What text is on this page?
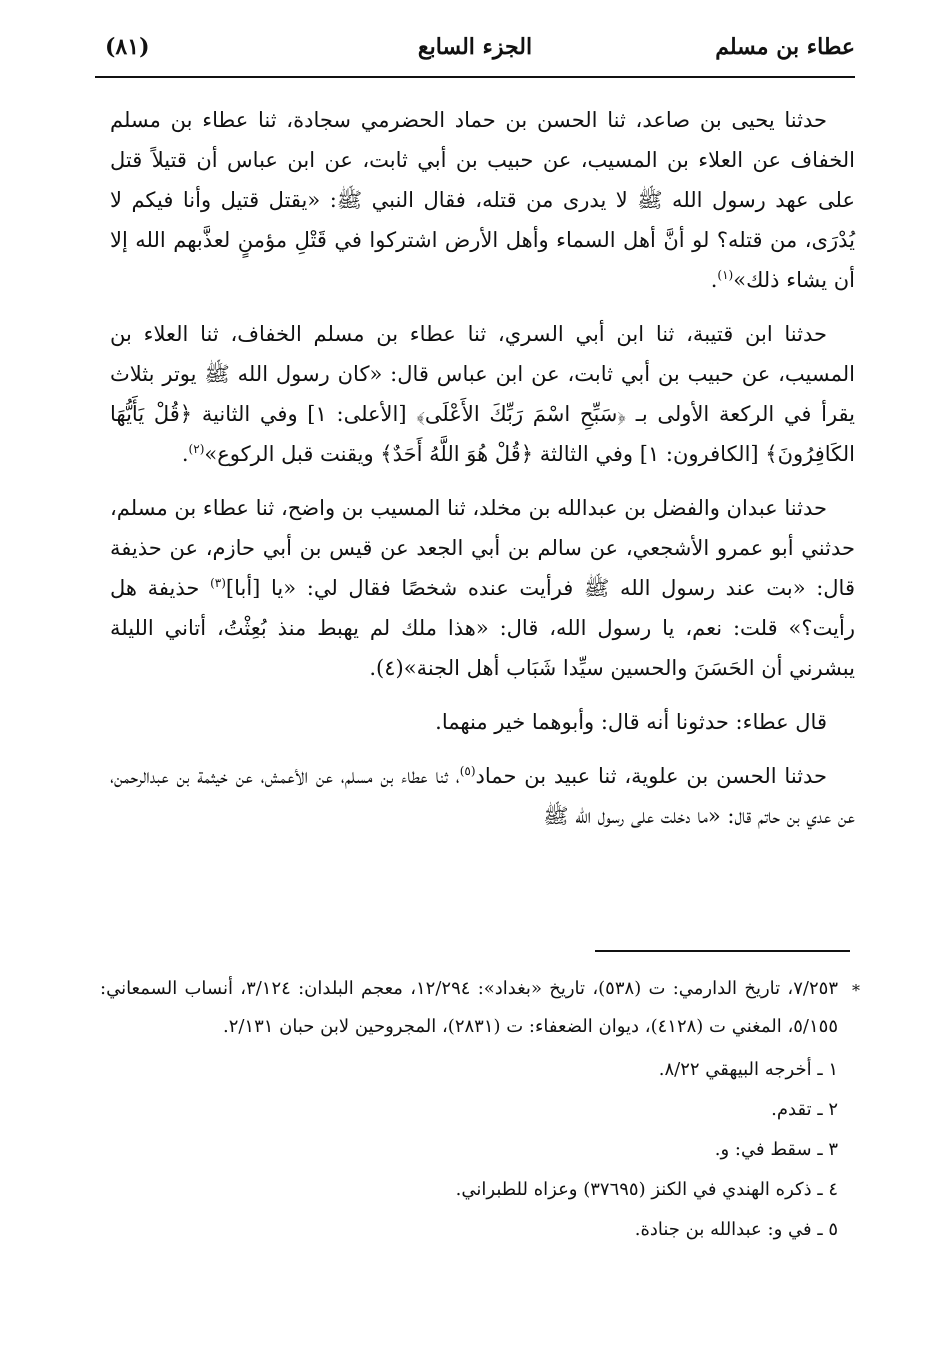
عطاء بن مسلم
الجزء السابع
(٨١)

حدثنا يحيى بن صاعد، ثنا الحسن بن حماد الحضرمي سجادة، ثنا عطاء بن مسلم الخفاف عن العلاء بن المسيب، عن حبيب بن أبي ثابت، عن ابن عباس أن قتيلاً قتل على عهد رسول الله ﷺ لا يدرى من قتله، فقال النبي ﷺ: «يقتل قتيل وأنا فيكم لا يُدْرَى، من قتله؟ لو أنَّ أهل السماء وأهل الأرض اشتركوا في قَتْلِ مؤمنٍ لعذَّبهم الله إلا أن يشاء ذلك»$^{(١)}$.

حدثنا ابن قتيبة، ثنا ابن أبي السري، ثنا عطاء بن مسلم الخفاف، ثنا العلاء بن المسيب، عن حبيب بن أبي ثابت، عن ابن عباس قال: «كان رسول الله ﷺ يوتر بثلاث يقرأ في الركعة الأولى بـ ﴿سَبِّحِ اسْمَ رَبِّكَ الأَعْلَى﴾ [الأعلى: ١] وفي الثانية ﴿قُلْ يَأَيُّهَا الكَافِرُونَ﴾ [الكافرون: ١] وفي الثالثة ﴿قُلْ هُوَ اللَّهُ أَحَدٌ﴾ ويقنت قبل الركوع»$^{(٢)}$.

حدثنا عبدان والفضل بن عبدالله بن مخلد، ثنا المسيب بن واضح، ثنا عطاء بن مسلم، حدثني أبو عمرو الأشجعي، عن سالم بن أبي الجعد عن قيس بن أبي حازم، عن حذيفة قال: «بت عند رسول الله ﷺ فرأيت عنده شخصًا فقال لي: «يا [أبا]$^{(٣)}$ حذيفة هل رأيت؟» قلت: نعم، يا رسول الله، قال: «هذا ملك لم يهبط منذ بُعِثْتُ، أتاني الليلة يبشرني أن الحَسَنَ والحسين سيِّدا شَبَاب أهل الجنة»(٤).

قال عطاء: حدثونا أنه قال: وأبوهما خير منهما.

حدثنا الحسن بن علوية، ثنا عبيد بن حماد$^{(٥)}$، ثنا عطاء بن مسلم، عن الأعمش، عن خيثمة بن عبدالرحمن، عن عدي بن حاتم قال: «ما دخلت على رسول الله ﷺ

*
٧/٢٥٣، تاريخ الدارمي: ت (٥٣٨)، تاريخ «بغداد»: ١٢/٢٩٤، معجم البلدان: ٣/١٢٤، أنساب السمعاني: ٥/١٥٥، المغني ت (٤١٢٨)، ديوان الضعفاء: ت (٢٨٣١)، المجروحين لابن حبان ٢/١٣١.

١ ـ أخرجه البيهقي ٨/٢٢.

٢ ـ تقدم.

٣ ـ سقط في: و.

٤ ـ ذكره الهندي في الكنز (٣٧٦٩٥) وعزاه للطبراني.

٥ ـ في و: عبدالله بن جنادة.
